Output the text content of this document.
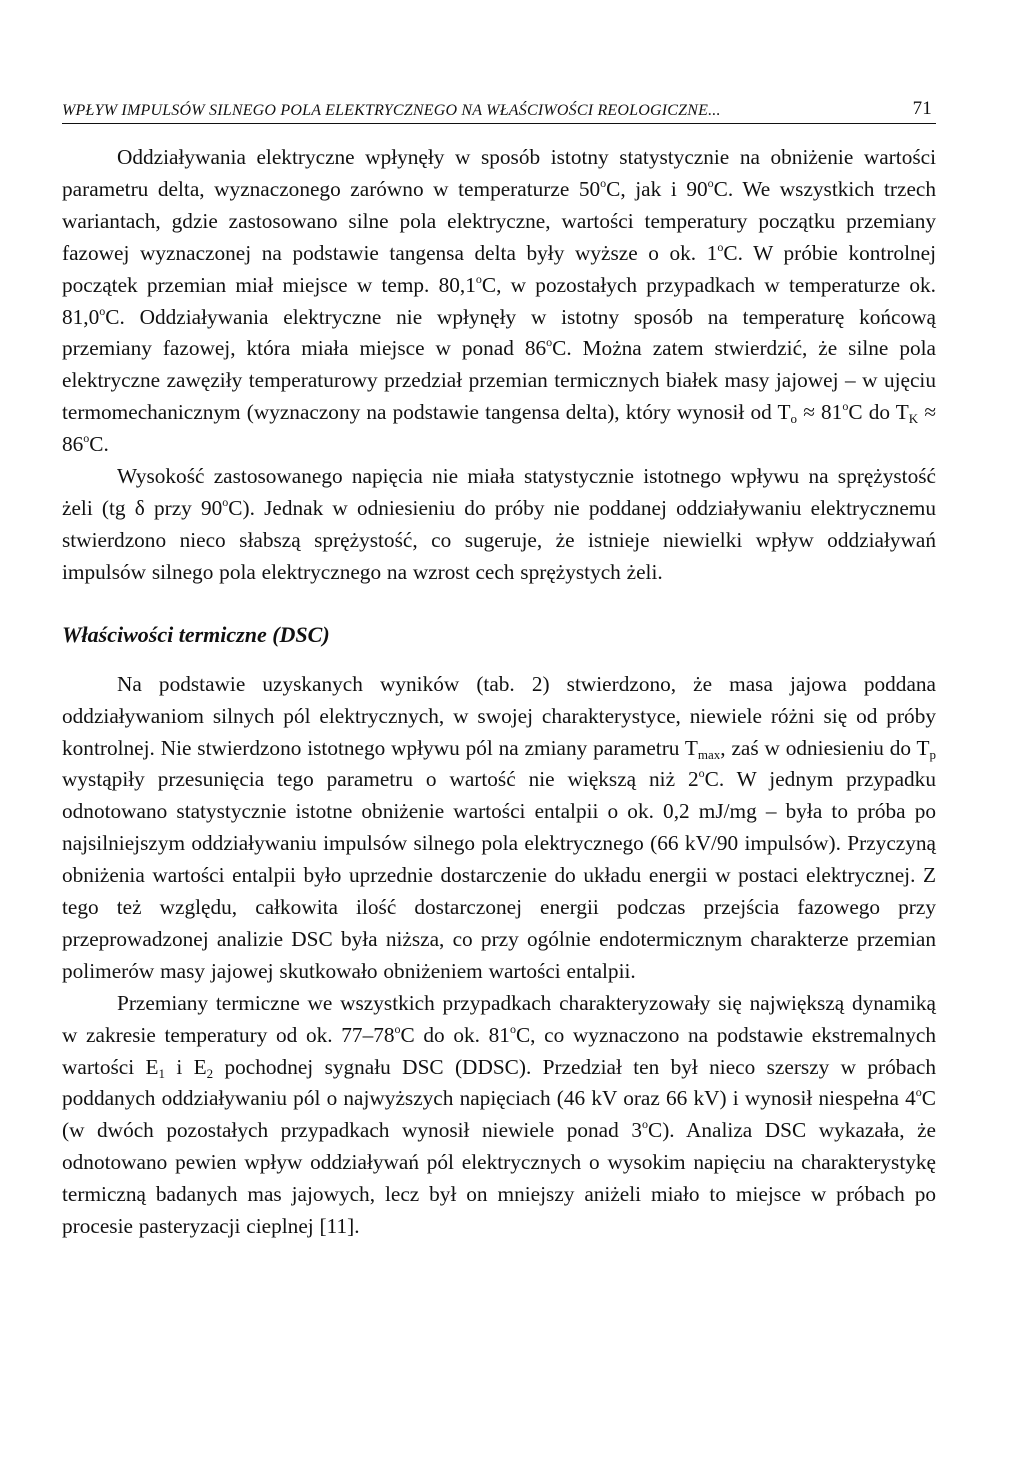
WPŁYW IMPULSÓW SILNEGO POLA ELEKTRYCZNEGO NA WŁAŚCIWOŚCI REOLOGICZNE...	71

Oddziaływania elektryczne wpłynęły w sposób istotny statystycznie na obniżenie wartości parametru delta, wyznaczonego zarówno w temperaturze 50$^o$C, jak i 90$^o$C. We wszystkich trzech wariantach, gdzie zastosowano silne pola elektryczne, wartości temperatury początku przemiany fazowej wyznaczonej na podstawie tangensa delta były wyższe o ok. 1$^o$C. W próbie kontrolnej początek przemian miał miejsce w temp. 80,1$^o$C, w pozostałych przypadkach w temperaturze ok. 81,0$^o$C. Oddziaływania elektryczne nie wpłynęły w istotny sposób na temperaturę końcową przemiany fazowej, która miała miejsce w ponad 86$^o$C. Można zatem stwierdzić, że silne pola elektryczne zawęziły temperaturowy przedział przemian termicznych białek masy jajowej – w ujęciu termomechanicznym (wyznaczony na podstawie tangensa delta), który wynosił od $T_o \approx 81^oC$ do $T_K \approx 86^oC$.

Wysokość zastosowanego napięcia nie miała statystycznie istotnego wpływu na sprężystość żeli (tg δ przy 90$^o$C). Jednak w odniesieniu do próby nie poddanej oddziaływaniu elektrycznemu stwierdzono nieco słabszą sprężystość, co sugeruje, że istnieje niewielki wpływ oddziaływań impulsów silnego pola elektrycznego na wzrost cech sprężystych żeli.

Właściwości termiczne (DSC)

Na podstawie uzyskanych wyników (tab. 2) stwierdzono, że masa jajowa poddana oddziaływaniom silnych pól elektrycznych, w swojej charakterystyce, niewiele różni się od próby kontrolnej. Nie stwierdzono istotnego wpływu pól na zmiany parametru $T_{max}$, zaś w odniesieniu do $T_p$ wystąpiły przesunięcia tego parametru o wartość nie większą niż 2$^o$C. W jednym przypadku odnotowano statystycznie istotne obniżenie wartości entalpii o ok. 0,2 mJ/mg – była to próba po najsilniejszym oddziaływaniu impulsów silnego pola elektrycznego (66 kV/90 impulsów). Przyczyną obniżenia wartości entalpii było uprzednie dostarczenie do układu energii w postaci elektrycznej. Z tego też względu, całkowita ilość dostarczonej energii podczas przejścia fazowego przy przeprowadzonej analizie DSC była niższa, co przy ogólnie endotermicznym charakterze przemian polimerów masy jajowej skutkowało obniżeniem wartości entalpii.

Przemiany termiczne we wszystkich przypadkach charakteryzowały się największą dynamiką w zakresie temperatury od ok. 77–78$^o$C do ok. 81$^o$C, co wyznaczono na podstawie ekstremalnych wartości $E_1$ i $E_2$ pochodnej sygnału DSC (DDSC). Przedział ten był nieco szerszy w próbach poddanych oddziaływaniu pól o najwyższych napięciach (46 kV oraz 66 kV) i wynosił niespełna 4$^o$C (w dwóch pozostałych przypadkach wynosił niewiele ponad 3$^o$C). Analiza DSC wykazała, że odnotowano pewien wpływ oddziaływań pól elektrycznych o wysokim napięciu na charakterystykę termiczną badanych mas jajowych, lecz był on mniejszy aniżeli miało to miejsce w próbach po procesie pasteryzacji cieplnej [11].
